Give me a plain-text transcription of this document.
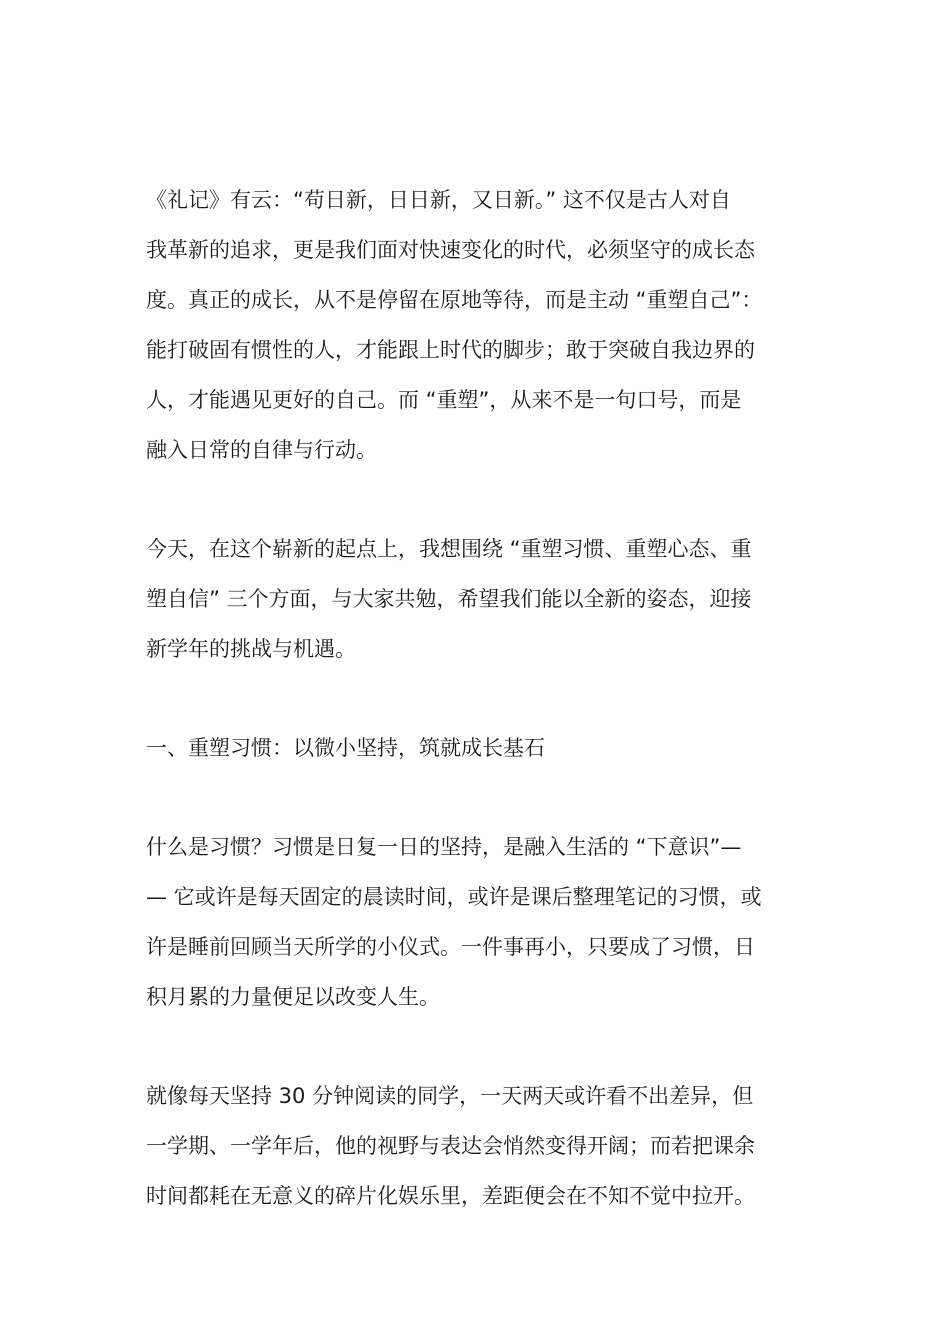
《礼记》有云：“苟日新，日日新，又日新。” 这不仅是古人对自
我革新的追求，更是我们面对快速变化的时代，必须坚守的成长态
度。真正的成长，从不是停留在原地等待，而是主动 “重塑自己”：
能打破固有惯性的人，才能跟上时代的脚步；敢于突破自我边界的
人，才能遇见更好的自己。而 “重塑”，从来不是一句口号，而是
融入日常的自律与行动。

今天，在这个崭新的起点上，我想围绕 “重塑习惯、重塑心态、重
塑自信” 三个方面，与大家共勉，希望我们能以全新的姿态，迎接
新学年的挑战与机遇。

一、重塑习惯：以微小坚持，筑就成长基石

什么是习惯？习惯是日复一日的坚持，是融入生活的 “下意识”—
— 它或许是每天固定的晨读时间，或许是课后整理笔记的习惯，或
许是睡前回顾当天所学的小仪式。一件事再小，只要成了习惯，日
积月累的力量便足以改变人生。

就像每天坚持 30 分钟阅读的同学，一天两天或许看不出差异，但
一学期、一学年后，他的视野与表达会悄然变得开阔；而若把课余
时间都耗在无意义的碎片化娱乐里，差距便会在不知不觉中拉开。
